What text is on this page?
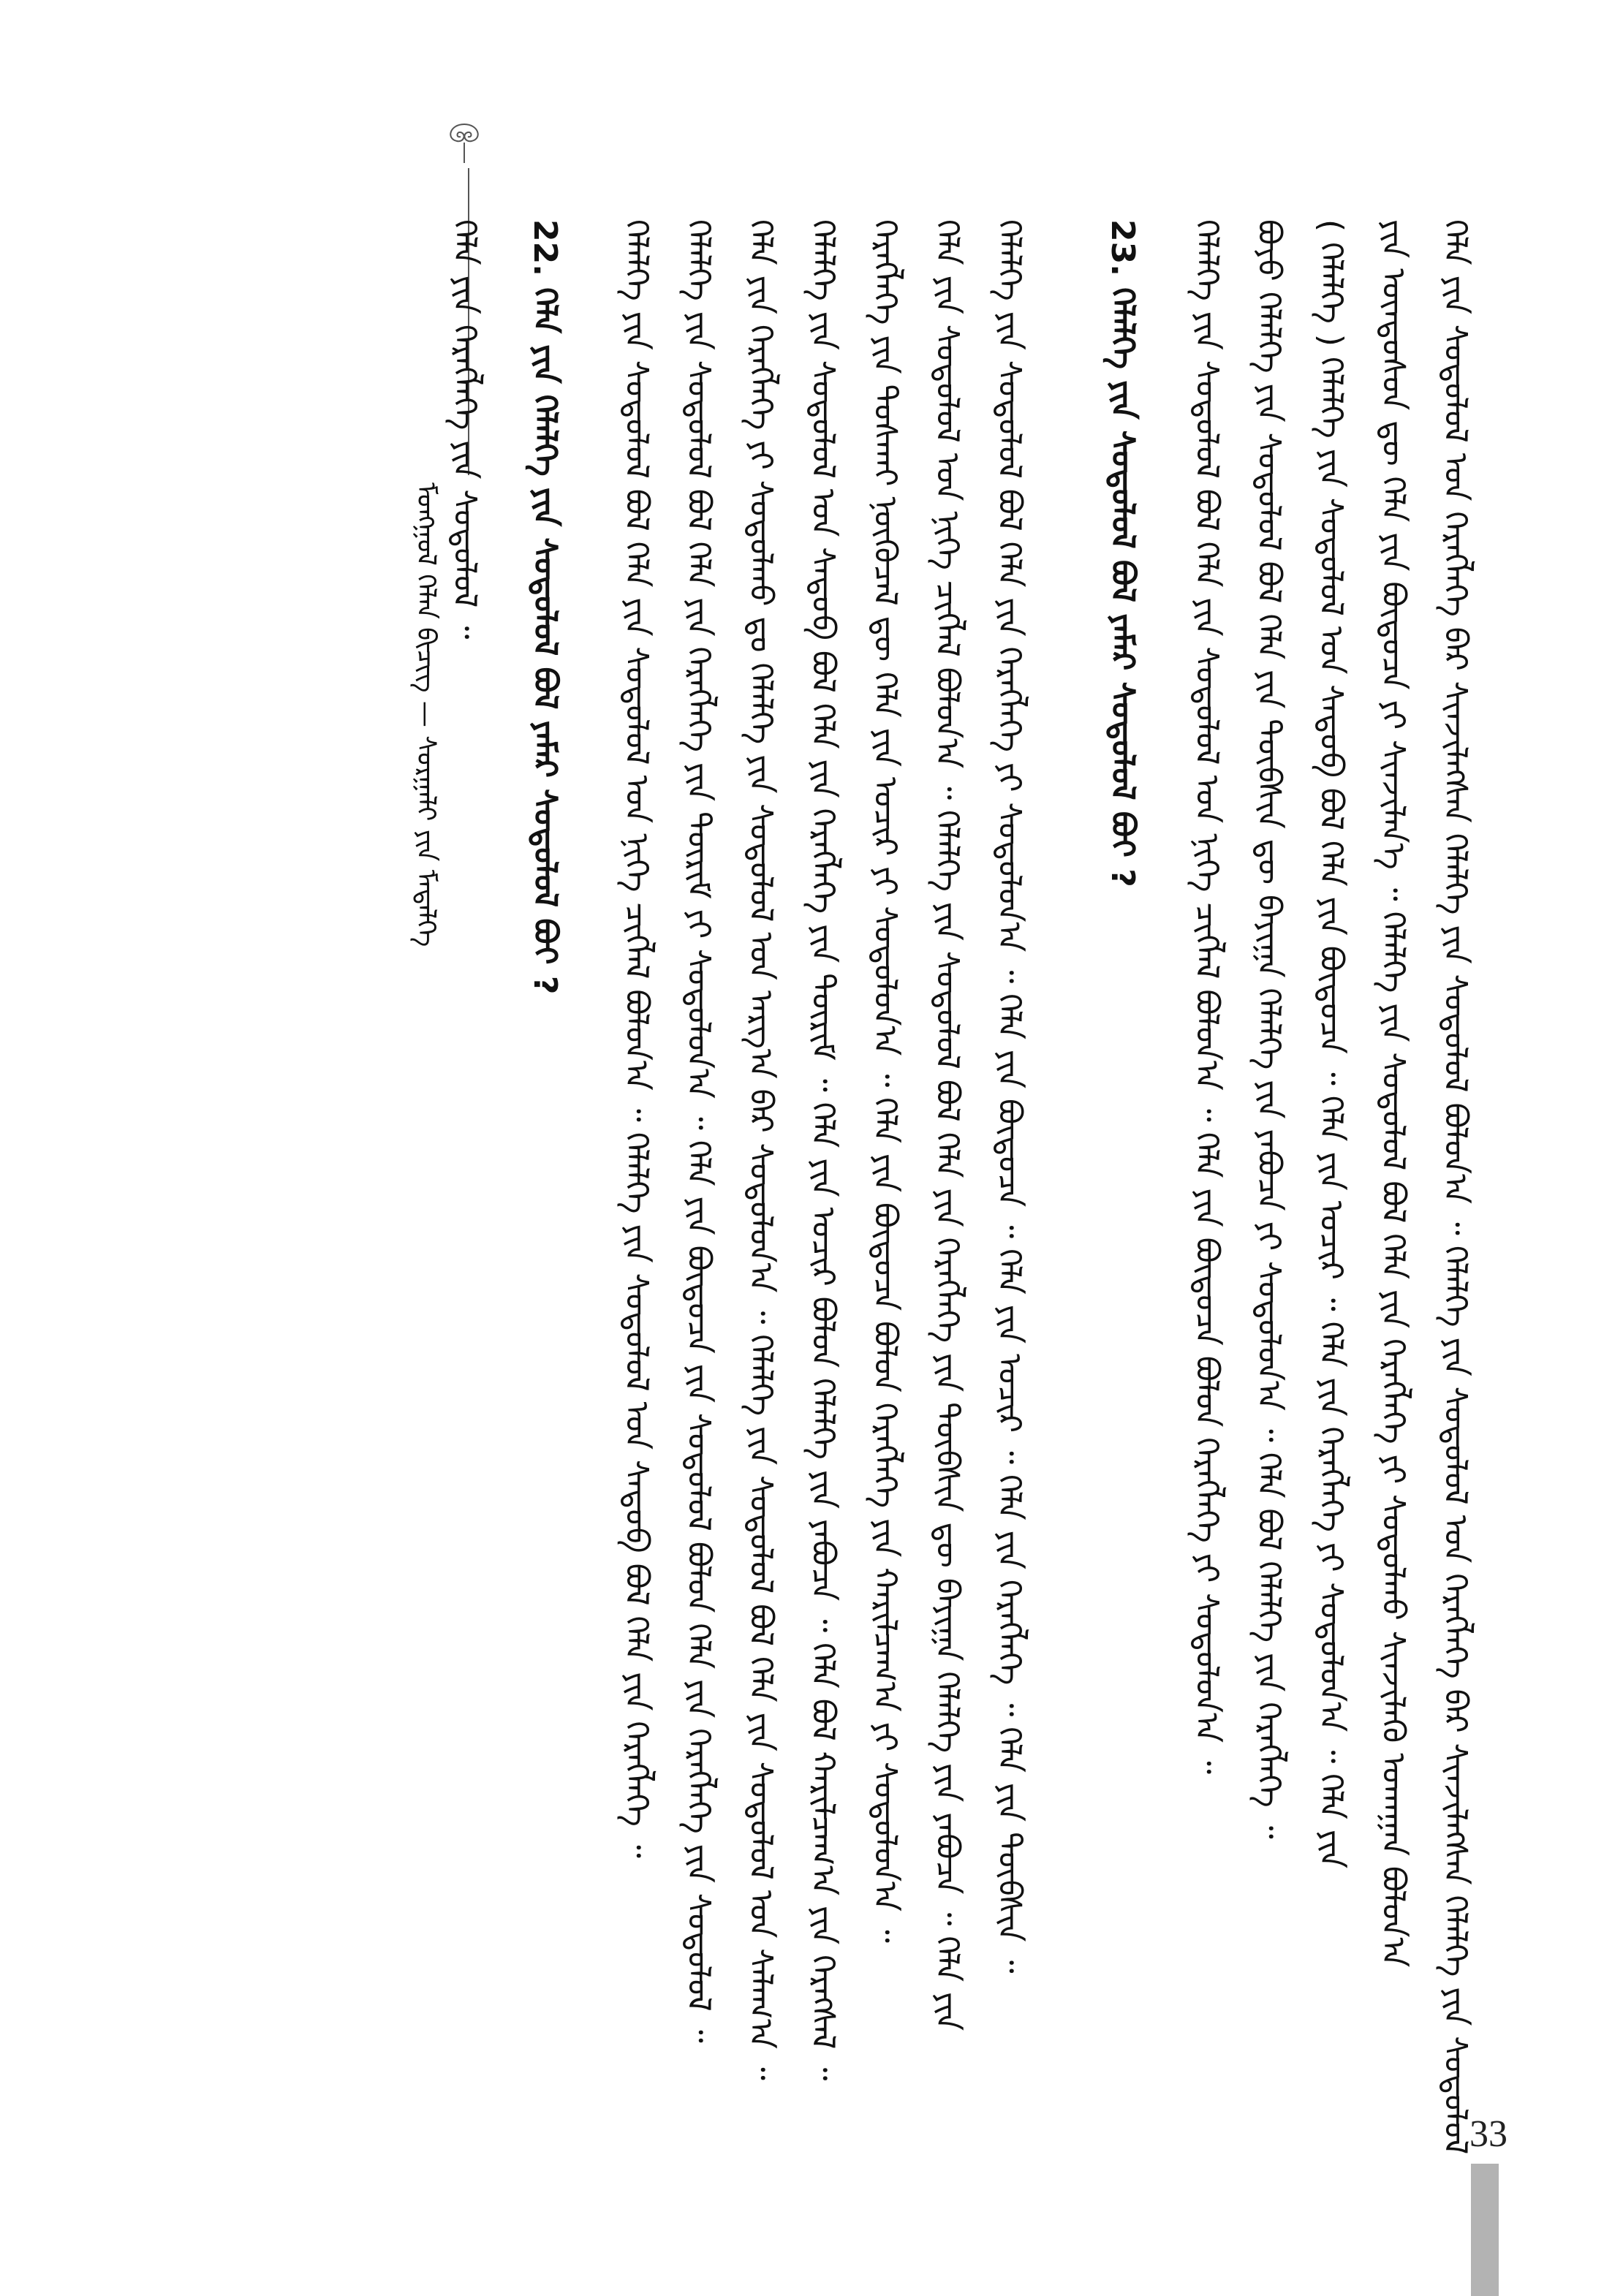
ᠮᠣᠩᠭᠣᠯ ᠬᠡᠯᠡᠨ ᠪᠢᠴᠢᠭ᠌ — ᠰᠤᠷᠭᠠᠯᠢ ᠶᠢᠨ ᠮᠡᠳᠡᠯᠭᠡ	ᠬᠡᠯᠡ ᠶᠢᠨ ᠰᠤᠳᠤᠯᠤᠯ ᠤᠨ ᠬᠡᠷᠡᠭᠯᠡᠭᠡ ᠪᠡᠷ ᠰᠢᠨᠵᠢᠯᠡᠭᠰᠡᠨ ᠬᠡᠯᠡᠯᠭᠡ ᠶᠢᠨ ᠰᠤᠳᠤᠯᠤᠯ ᠪᠣᠯᠤᠨ᠎ᠠ ᠃ ᠬᠡᠯᠡᠯᠭᠡ ᠶᠢᠨ ᠰᠤᠳᠤᠯᠤᠯ ᠤᠨ ᠬᠡᠷᠡᠭᠯᠡᠭᠡ ᠪᠡᠷ ᠰᠢᠨᠵᠢᠯᠡᠭᠰᠡᠨ ᠬᠡᠯᠡᠯᠭᠡ ᠶᠢᠨ ᠰᠤᠳᠤᠯᠤᠯ
ᠶᠢᠨ ᠦᠨᠳᠦᠰᠦᠨ ᠳᠦ ᠬᠡᠯᠡ ᠶᠢᠨ ᠪᠦᠲᠦᠴᠡ ᠶᠢ ᠰᠢᠨᠵᠢᠯᠡᠨ᠎ᠡ ᠃ ᠬᠡᠯᠡᠯᠭᠡ ᠶᠢᠨ ᠰᠤᠳᠤᠯᠤᠯ ᠪᠣᠯ ᠬᠡᠯᠡ ᠶᠢᠨ ᠬᠡᠷᠡᠭᠯᠡᠭᠡ ᠶᠢ ᠰᠤᠳᠤᠯᠬᠤ ᠰᠢᠨᠵᠢᠯᠡᠬᠦ ᠤᠬᠠᠭᠠᠨ ᠪᠣᠯᠤᠨ᠎ᠠ
( ᠬᠡᠯᠡᠯᠭᠡ ) ᠬᠡᠯᠡᠯᠭᠡ ᠶᠢᠨ ᠰᠤᠳᠤᠯᠤᠯ ᠤᠨ ᠰᠡᠳᠦᠪ ᠪᠣᠯ ᠬᠡᠯᠡ ᠶᠢᠨ ᠪᠦᠲᠦᠴᠡ ᠃ ᠬᠡᠯᠡ ᠶᠢᠨ ᠤᠴᠢᠷ ᠃ ᠬᠡᠯᠡ ᠶᠢᠨ ᠬᠡᠷᠡᠭᠯᠡᠭᠡ ᠶᠢ ᠰᠤᠳᠤᠯᠤᠨ᠎ᠠ ᠃ ᠬᠡᠯᠡ ᠶᠢᠨ
ᠪᠤᠶᠤ ᠬᠡᠯᠡᠯᠭᠡ ᠶᠢᠨ ᠰᠤᠳᠤᠯᠤᠯ ᠪᠣᠯ ᠬᠡᠯᠡ ᠶᠢᠨ ᠲᠦᠪᠰᠢᠨ ᠳᠦ ᠪᠠᠶᠢᠭᠠ ᠬᠡᠯᠡᠯᠭᠡ ᠶᠢᠨ ᠶᠠᠪᠤᠴᠠ ᠶᠢ ᠰᠤᠳᠤᠯᠤᠨ᠎ᠠ ᠃ ᠬᠡᠯᠡ ᠪᠣᠯ ᠬᠡᠯᠡᠯᠭᠡ ᠶᠢᠨ ᠬᠡᠷᠡᠭᠯᠡᠭᠡ ᠃
ᠬᠡᠯᠡᠯᠭᠡ ᠶᠢᠨ ᠰᠤᠳᠤᠯᠤᠯ ᠪᠣᠯ ᠬᠡᠯᠡ ᠶᠢᠨ ᠰᠤᠳᠤᠯᠤᠯ ᠤᠨ ᠨᠢᠭᠡ ᠴᠢᠭᠯᠡᠯ ᠪᠣᠯᠤᠨ᠎ᠠ ᠃ ᠬᠡᠯᠡ ᠶᠢᠨ ᠪᠦᠲᠦᠴᠡ ᠪᠣᠯᠤᠨ ᠬᠡᠷᠡᠭᠯᠡᠭᠡ ᠶᠢ ᠰᠤᠳᠤᠯᠤᠨ᠎ᠠ ᠃
23. ᠬᠡᠯᠡᠯᠭᠡ ᠶᠢᠨ ᠰᠤᠳᠤᠯᠤᠯ ᠪᠣᠯ ᠶᠠᠮᠠᠷ ᠰᠤᠳᠤᠯᠤᠯ ᠪᠤᠢ ?
ᠬᠡᠯᠡᠯᠭᠡ ᠶᠢᠨ ᠰᠤᠳᠤᠯᠤᠯ ᠪᠣᠯ ᠬᠡᠯᠡ ᠶᠢᠨ ᠬᠡᠷᠡᠭᠯᠡᠭᠡ ᠶᠢ ᠰᠤᠳᠤᠯᠤᠨ᠎ᠠ ᠃ ᠬᠡᠯᠡ ᠶᠢᠨ ᠪᠦᠲᠦᠴᠡ ᠃ ᠬᠡᠯᠡ ᠶᠢᠨ ᠤᠴᠢᠷ ᠃ ᠬᠡᠯᠡ ᠶᠢᠨ ᠬᠡᠷᠡᠭᠯᠡᠭᠡ ᠃ ᠬᠡᠯᠡ ᠶᠢᠨ ᠲᠦᠪᠰᠢᠨ ᠃
ᠬᠡᠯᠡ ᠶᠢᠨ ᠰᠤᠳᠤᠯᠤᠯ ᠤᠨ ᠨᠢᠭᠡ ᠴᠢᠭᠯᠡᠯ ᠪᠣᠯᠤᠨ᠎ᠠ ᠃ ᠬᠡᠯᠡᠯᠭᠡ ᠶᠢᠨ ᠰᠤᠳᠤᠯᠤᠯ ᠪᠣᠯ ᠬᠡᠯᠡ ᠶᠢᠨ ᠬᠡᠷᠡᠭᠯᠡᠭᠡ ᠶᠢᠨ ᠲᠦᠪᠰᠢᠨ ᠳᠦ ᠪᠠᠶᠢᠭᠠ ᠬᠡᠯᠡᠯᠭᠡ ᠶᠢᠨ ᠶᠠᠪᠤᠴᠠ ᠃ ᠬᠡᠯᠡ ᠶᠢᠨ
ᠬᠡᠷᠡᠭᠯᠡᠭᠡ ᠶᠢᠨ ᠲᠤᠰᠬᠠᠢ ᠨᠥᠬᠥᠴᠡᠯ ᠳᠦ ᠬᠡᠯᠡ ᠶᠢᠨ ᠤᠴᠢᠷ ᠶᠢ ᠰᠤᠳᠤᠯᠤᠨ᠎ᠠ ᠃ ᠬᠡᠯᠡ ᠶᠢᠨ ᠪᠦᠲᠦᠴᠡ ᠪᠣᠯᠤᠨ ᠬᠡᠷᠡᠭᠯᠡᠭᠡ ᠶᠢᠨ ᠬᠠᠷᠢᠯᠴᠠᠭ᠎ᠠ ᠶᠢ ᠰᠤᠳᠤᠯᠤᠨ᠎ᠠ ᠃
ᠬᠡᠯᠡᠯᠭᠡ ᠶᠢᠨ ᠰᠤᠳᠤᠯᠤᠯ ᠤᠨ ᠰᠡᠳᠦᠪ ᠪᠣᠯ ᠬᠡᠯᠡ ᠶᠢᠨ ᠬᠡᠷᠡᠭᠯᠡᠭᠡ ᠶᠢᠨ ᠳᠦᠷᠢᠮ ᠃ ᠬᠡᠯᠡ ᠶᠢᠨ ᠤᠴᠢᠷ ᠪᠣᠯᠤᠨ ᠬᠡᠯᠡᠯᠭᠡ ᠶᠢᠨ ᠶᠠᠪᠤᠴᠠ ᠃ ᠬᠡᠯᠡ ᠪᠣᠯ ᠬᠠᠷᠢᠯᠴᠠᠭ᠎ᠠ ᠶᠢᠨ ᠬᠡᠷᠡᠭᠰᠡᠯ ᠃
ᠬᠡᠯᠡ ᠶᠢᠨ ᠬᠡᠷᠡᠭᠯᠡᠭᠡ ᠶᠢ ᠰᠤᠳᠤᠯᠬᠤ ᠳᠤ ᠬᠡᠯᠡᠯᠭᠡ ᠶᠢᠨ ᠰᠤᠳᠤᠯᠤᠯ ᠤᠨ ᠠᠷᠭ᠎ᠠ ᠪᠠᠷ ᠰᠤᠳᠤᠯᠤᠨ᠎ᠠ ᠃ ᠬᠡᠯᠡᠯᠭᠡ ᠶᠢᠨ ᠰᠤᠳᠤᠯᠤᠯ ᠪᠣᠯ ᠬᠡᠯᠡ ᠶᠢᠨ ᠰᠤᠳᠤᠯᠤᠯ ᠤᠨ ᠰᠠᠯᠠᠭ᠎ᠠ ᠃
ᠬᠡᠯᠡᠯᠭᠡ ᠶᠢᠨ ᠰᠤᠳᠤᠯᠤᠯ ᠪᠣᠯ ᠬᠡᠯᠡ ᠶᠢᠨ ᠬᠡᠷᠡᠭᠯᠡᠭᠡ ᠶᠢᠨ ᠳᠦᠷᠢᠮ ᠶᠢ ᠰᠤᠳᠤᠯᠤᠨ᠎ᠠ ᠃ ᠬᠡᠯᠡ ᠶᠢᠨ ᠪᠦᠲᠦᠴᠡ ᠶᠢᠨ ᠰᠤᠳᠤᠯᠤᠯ ᠪᠣᠯᠤᠨ ᠬᠡᠯᠡ ᠶᠢᠨ ᠬᠡᠷᠡᠭᠯᠡᠭᠡ ᠶᠢᠨ ᠰᠤᠳᠤᠯᠤᠯ ᠃
ᠬᠡᠯᠡᠯᠭᠡ ᠶᠢᠨ ᠰᠤᠳᠤᠯᠤᠯ ᠪᠣᠯ ᠬᠡᠯᠡ ᠶᠢᠨ ᠰᠤᠳᠤᠯᠤᠯ ᠤᠨ ᠨᠢᠭᠡ ᠴᠢᠭᠯᠡᠯ ᠪᠣᠯᠤᠨ᠎ᠠ ᠃ ᠬᠡᠯᠡᠯᠭᠡ ᠶᠢᠨ ᠰᠤᠳᠤᠯᠤᠯ ᠤᠨ ᠰᠡᠳᠦᠪ ᠪᠣᠯ ᠬᠡᠯᠡ ᠶᠢᠨ ᠬᠡᠷᠡᠭᠯᠡᠭᠡ ᠃
22. ᠬᠡᠯᠡ ᠶᠢᠨ ᠬᠡᠯᠡᠯᠭᠡ ᠶᠢᠨ ᠰᠤᠳᠤᠯᠤᠯ ᠪᠣᠯ ᠶᠠᠮᠠᠷ ᠰᠤᠳᠤᠯᠤᠯ ᠪᠤᠢ ?
ᠬᠡᠯᠡ ᠶᠢᠨ ᠬᠡᠷᠡᠭᠯᠡᠭᠡ ᠶᠢᠨ ᠰᠤᠳᠤᠯᠤᠯ ᠃
33
